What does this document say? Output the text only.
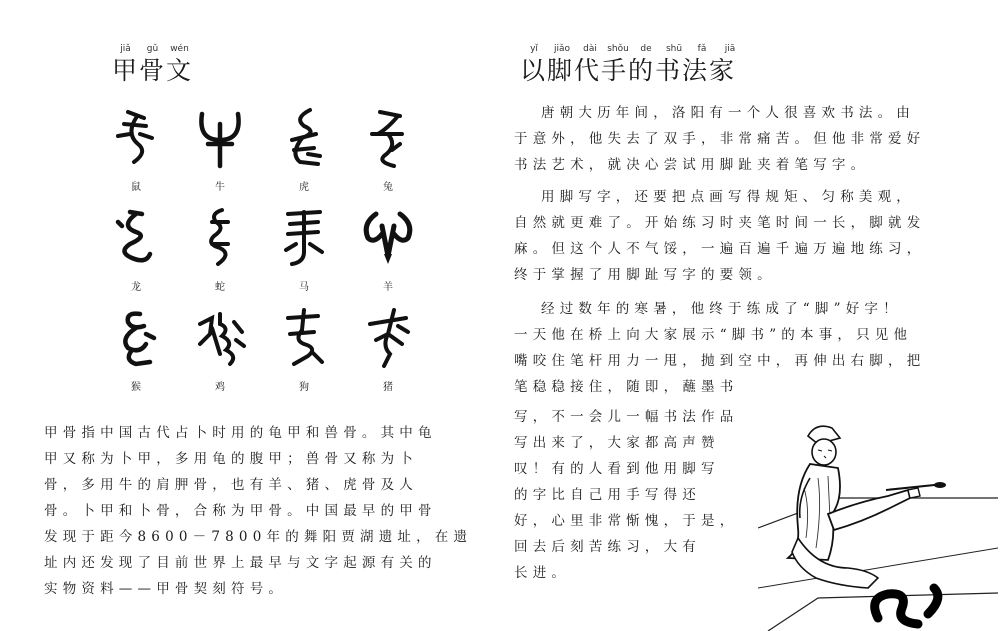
jiǎ	gǔ	wén
甲骨文
鼠	牛	虎	兔
龙	蛇	马	羊
猴	鸡	狗	猪
甲骨指中国古代占卜时用的龟甲和兽骨。其中龟
甲又称为卜甲，多用龟的腹甲；兽骨又称为卜
骨，多用牛的肩胛骨，也有羊、猪、虎骨及人
骨。卜甲和卜骨，合称为甲骨。中国最早的甲骨
发现于距今8600－7800年的舞阳贾湖遗址，在遗
址内还发现了目前世界上最早与文字起源有关的
实物资料——甲骨契刻符号。
yǐ	jiǎo	dài	shǒu	de	shū	fǎ	jiā
以脚代手的书法家
唐朝大历年间，洛阳有一个人很喜欢书法。由
于意外，他失去了双手，非常痛苦。但他非常爱好
书法艺术，就决心尝试用脚趾夹着笔写字。
用脚写字，还要把点画写得规矩、匀称美观，
自然就更难了。开始练习时夹笔时间一长，脚就发
麻。但这个人不气馁，一遍百遍千遍万遍地练习，
终于掌握了用脚趾写字的要领。
经过数年的寒暑，他终于练成了“脚”好字！
一天他在桥上向大家展示“脚书”的本事，只见他
嘴咬住笔杆用力一甩，抛到空中，再伸出右脚，把
笔稳稳接住，随即，蘸墨书
写，不一会儿一幅书法作品
写出来了，大家都高声赞
叹！有的人看到他用脚写
的字比自己用手写得还
好，心里非常惭愧，于是，
回去后刻苦练习，大有
长进。
